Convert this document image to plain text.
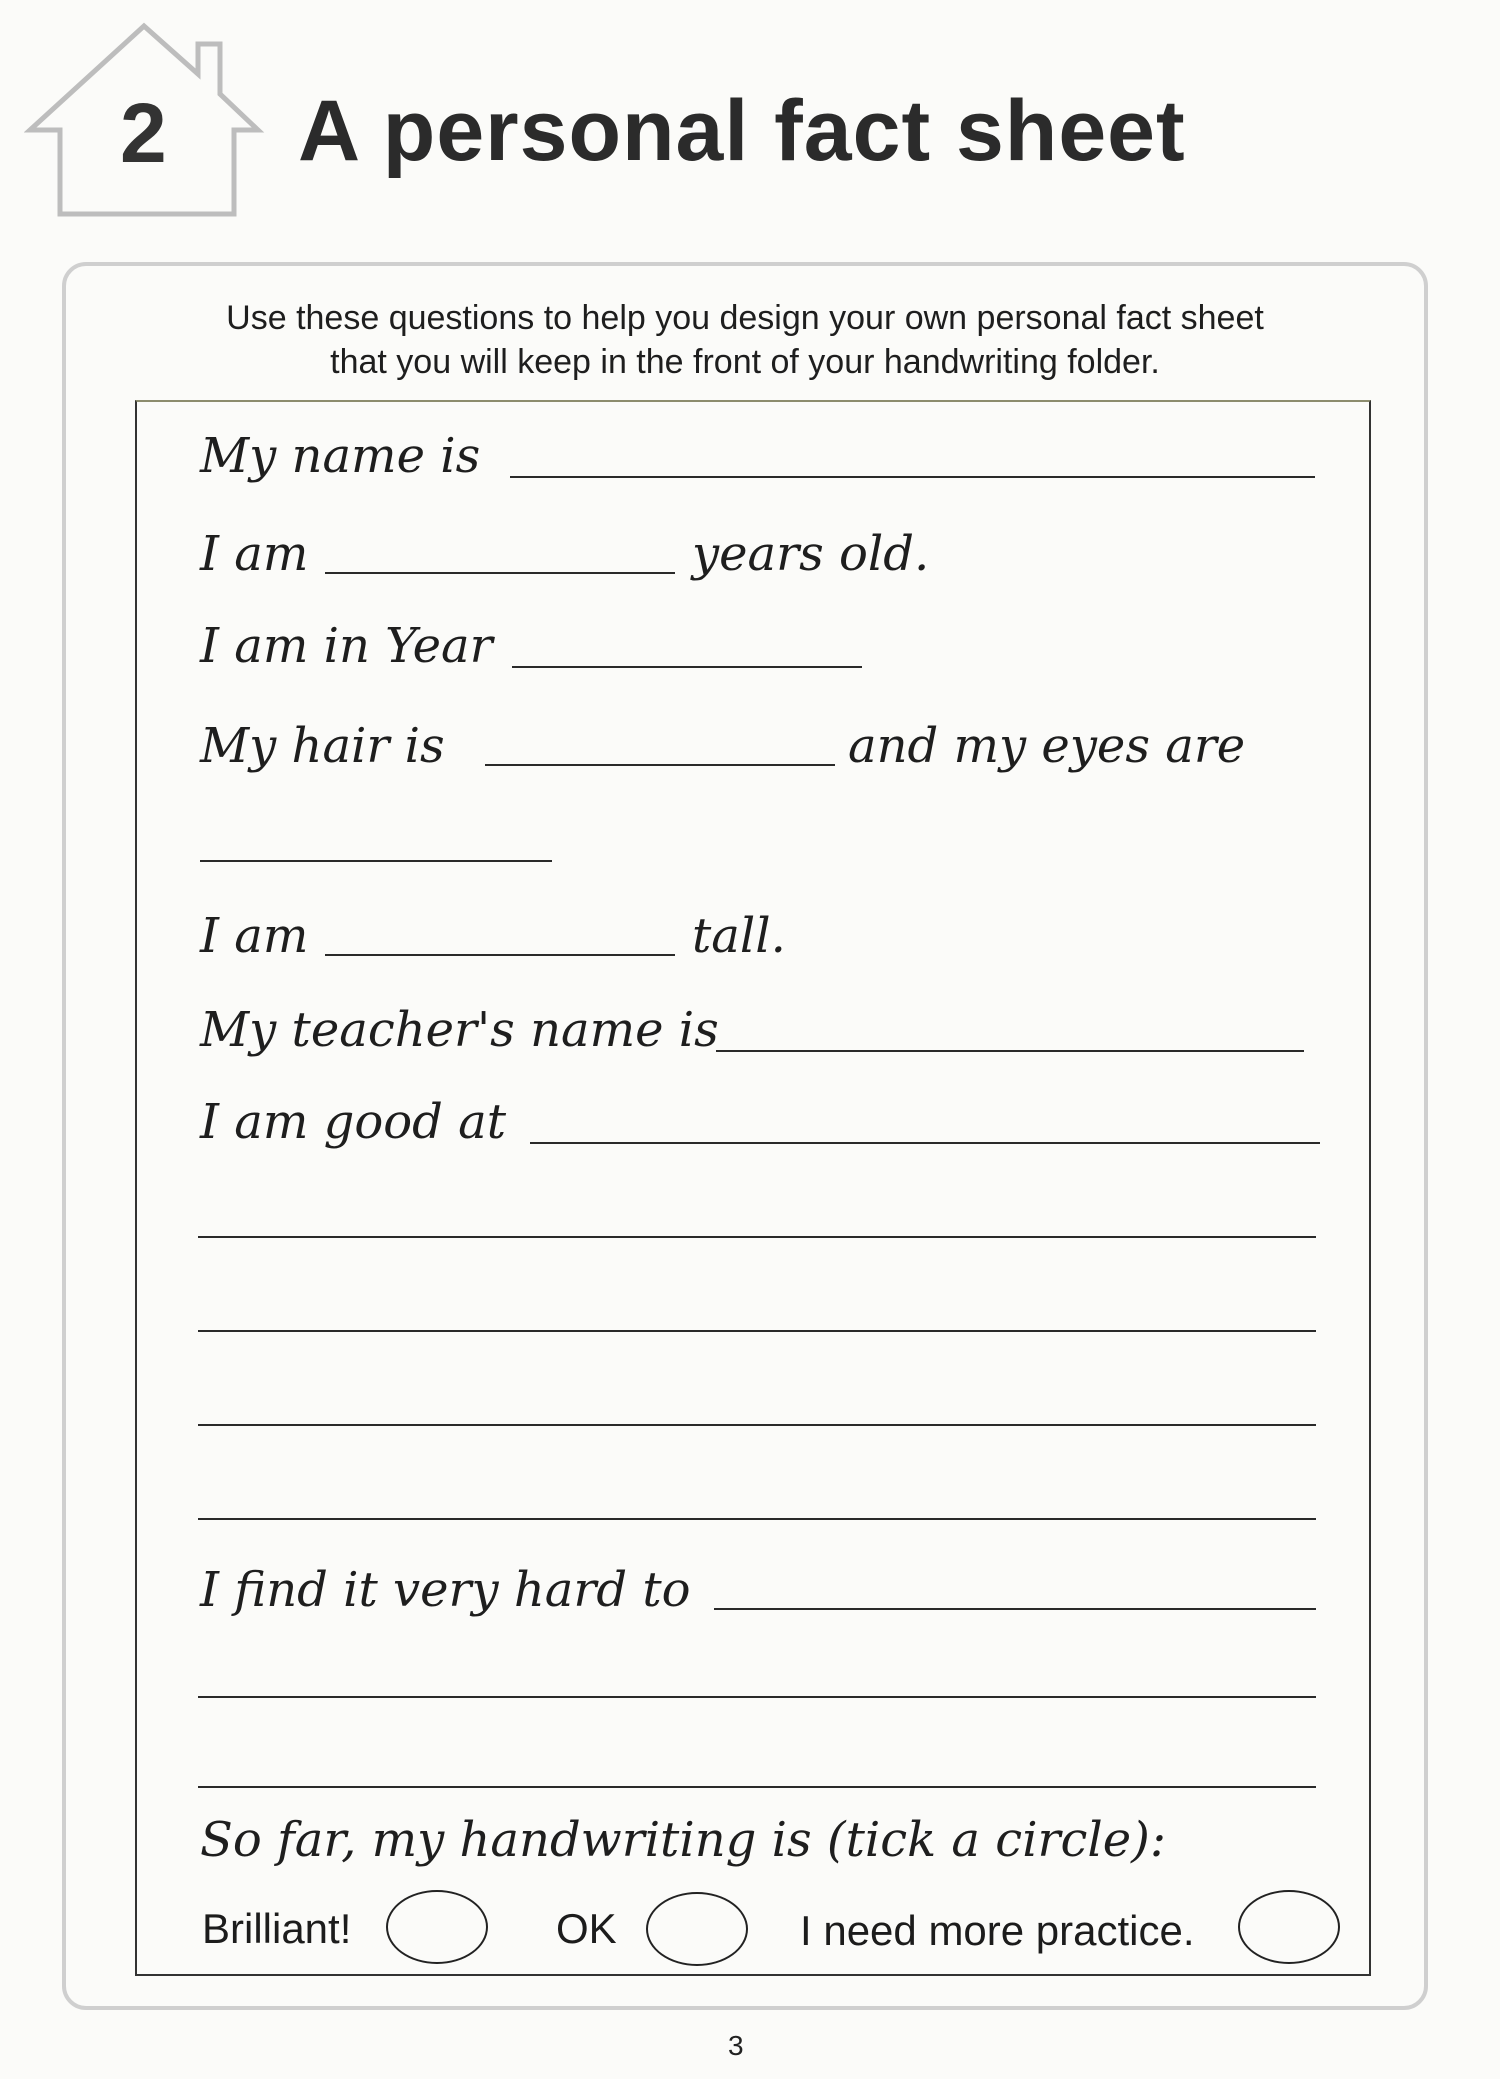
2 A personal fact sheet
Use these questions to help you design your own personal fact sheet
that you will keep in the front of your handwriting folder.
My name is
I am	years old.
I am in Year
My hair is	and my eyes are
I am	tall.
My teacher's name is
I am good at
I find it very hard to
So far, my handwriting is (tick a circle):
Brilliant!	OK	I need more practice.
3
